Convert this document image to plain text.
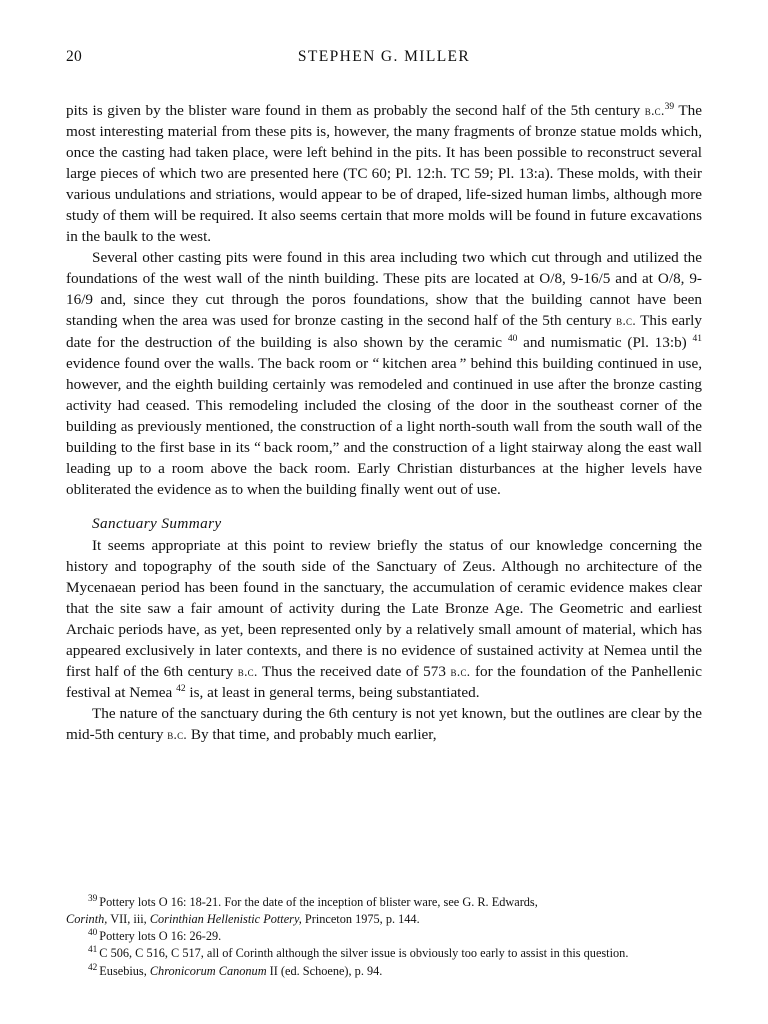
20	STEPHEN G. MILLER

pits is given by the blister ware found in them as probably the second half of the 5th century b.c.$^{39}$ The most interesting material from these pits is, however, the many fragments of bronze statue molds which, once the casting had taken place, were left behind in the pits. It has been possible to reconstruct several large pieces of which two are presented here (TC 60; Pl. 12:h. TC 59; Pl. 13:a). These molds, with their various undulations and striations, would appear to be of draped, life-sized human limbs, although more study of them will be required. It also seems certain that more molds will be found in future excavations in the baulk to the west.

Several other casting pits were found in this area including two which cut through and utilized the foundations of the west wall of the ninth building. These pits are located at O/8, 9-16/5 and at O/8, 9-16/9 and, since they cut through the poros foundations, show that the building cannot have been standing when the area was used for bronze casting in the second half of the 5th century b.c. This early date for the destruction of the building is also shown by the ceramic $^{40}$ and numismatic (Pl. 13:b) $^{41}$ evidence found over the walls. The back room or “ kitchen area ” behind this building continued in use, however, and the eighth building certainly was remodeled and continued in use after the bronze casting activity had ceased. This remodeling included the closing of the door in the southeast corner of the building as previously mentioned, the construction of a light north-south wall from the south wall of the building to the first base in its “ back room,” and the construction of a light stairway along the east wall leading up to a room above the back room. Early Christian disturbances at the higher levels have obliterated the evidence as to when the building finally went out of use.

Sanctuary Summary

It seems appropriate at this point to review briefly the status of our knowledge concerning the history and topography of the south side of the Sanctuary of Zeus. Although no architecture of the Mycenaean period has been found in the sanctuary, the accumulation of ceramic evidence makes clear that the site saw a fair amount of activity during the Late Bronze Age. The Geometric and earliest Archaic periods have, as yet, been represented only by a relatively small amount of material, which has appeared exclusively in later contexts, and there is no evidence of sustained activity at Nemea until the first half of the 6th century b.c. Thus the received date of 573 b.c. for the foundation of the Panhellenic festival at Nemea $^{42}$ is, at least in general terms, being substantiated.

The nature of the sanctuary during the 6th century is not yet known, but the outlines are clear by the mid-5th century b.c. By that time, and probably much earlier,

$^{39}$ Pottery lots O 16: 18-21. For the date of the inception of blister ware, see G. R. Edwards,
Corinth, VII, iii, Corinthian Hellenistic Pottery, Princeton 1975, p. 144.

$^{40}$ Pottery lots O 16: 26-29.

$^{41}$ C 506, C 516, C 517, all of Corinth although the silver issue is obviously too early to assist in this question.

$^{42}$ Eusebius, Chronicorum Canonum II (ed. Schoene), p. 94.
